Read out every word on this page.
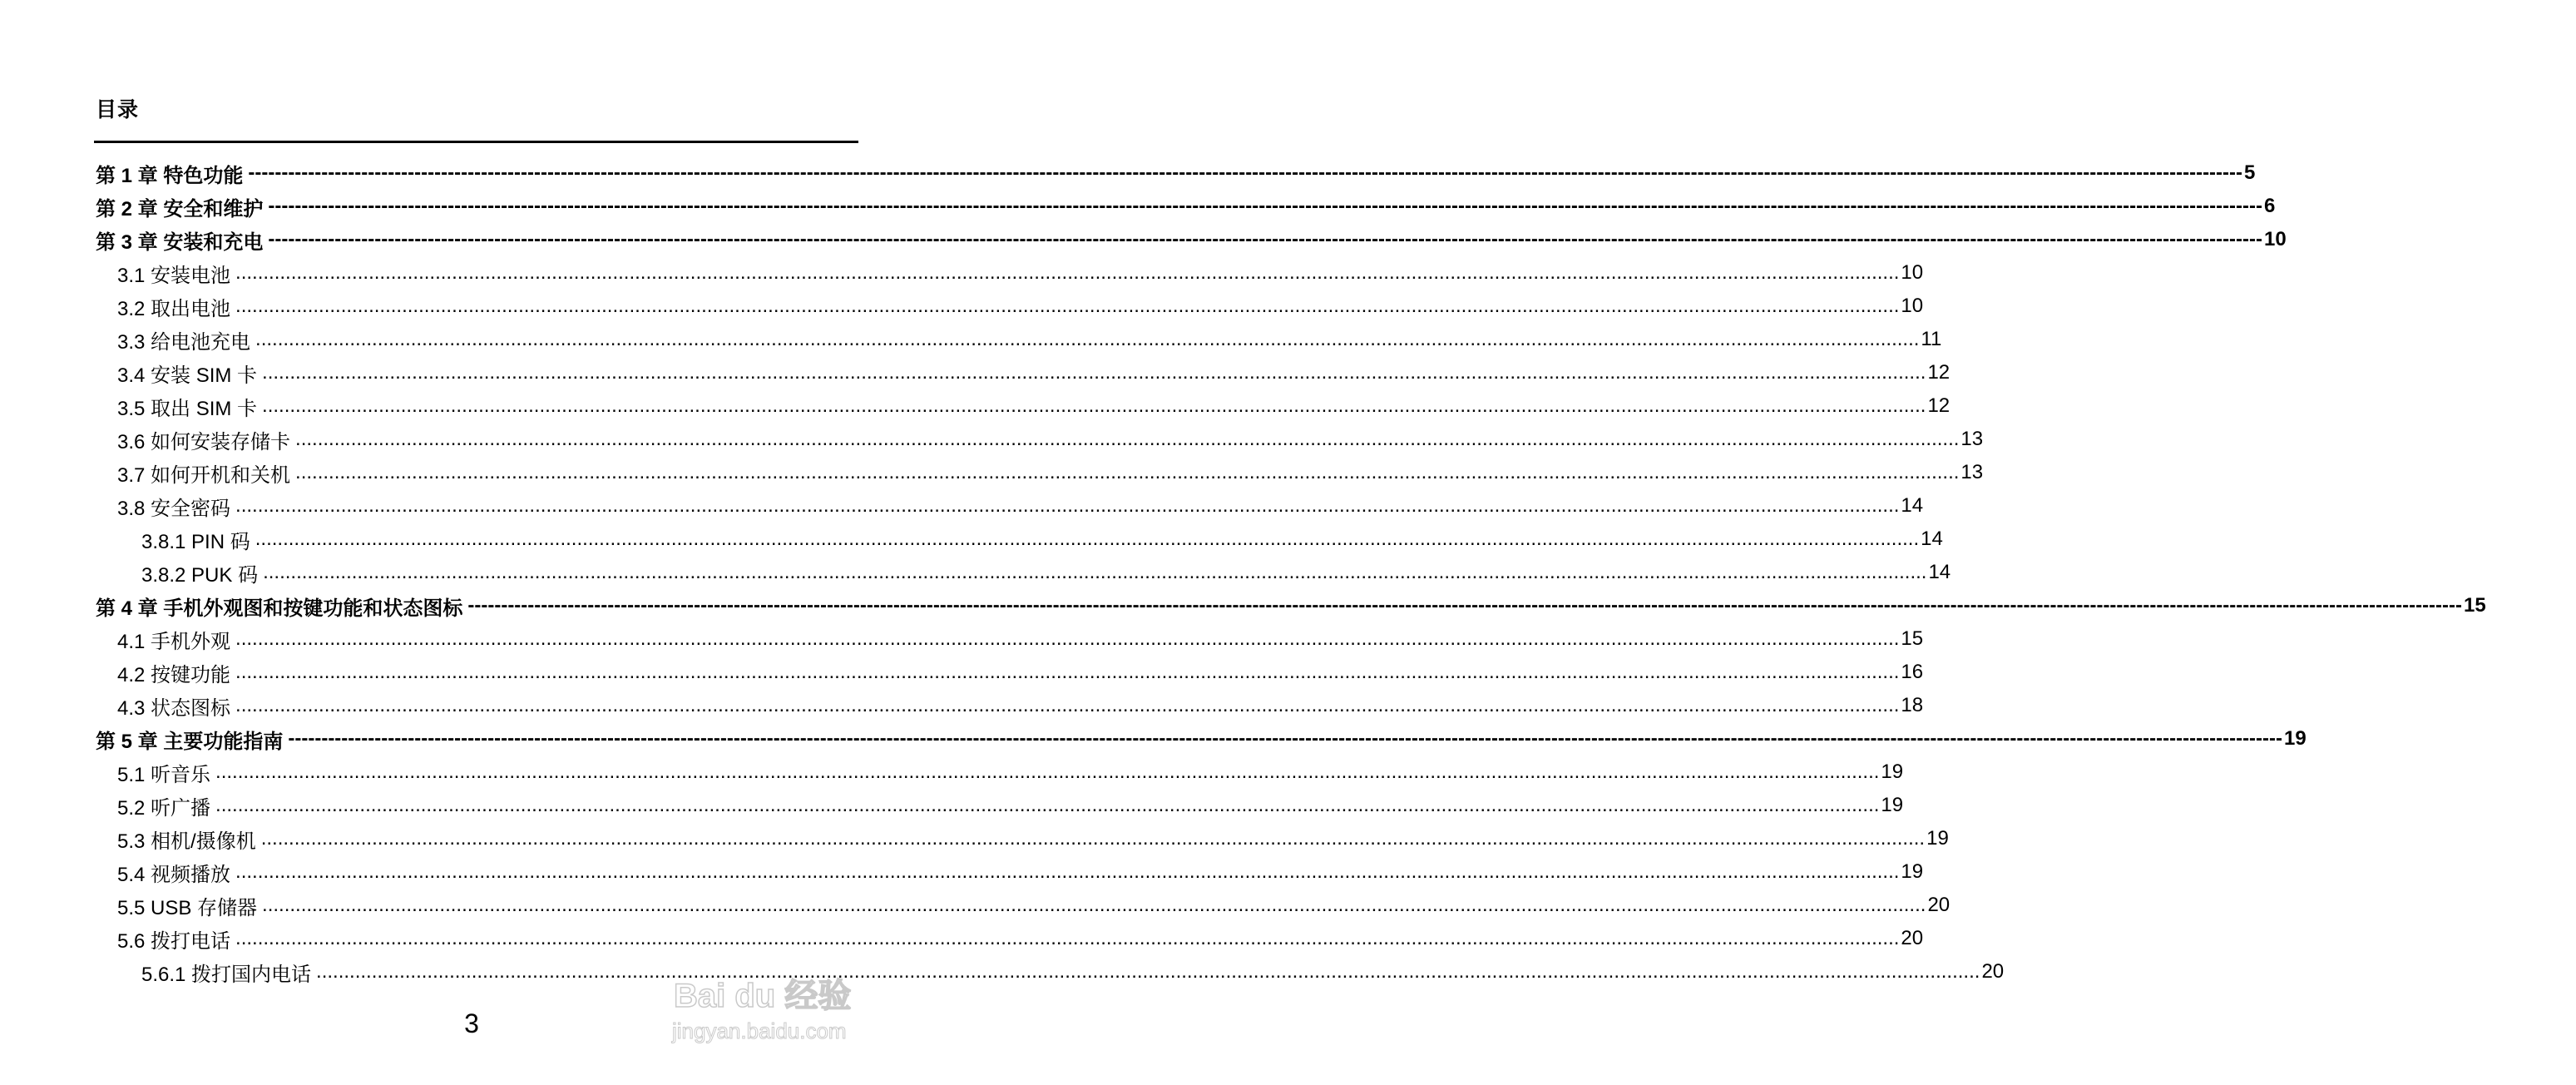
目录
第 1 章 特色功能 ------------------------------------------------------------------------------------------------------------------------------------------------------------------------------------------------------------------------------------------------------------------------------------------------------------ 5
第 2 章 安全和维护 ------------------------------------------------------------------------------------------------------------------------------------------------------------------------------------------------------------------------------------------------------------------------------------------------------------ 6
第 3 章 安装和充电 ------------------------------------------------------------------------------------------------------------------------------------------------------------------------------------------------------------------------------------------------------------------------------------------------------------ 10
3.1 安装电池 ............................................................................................................................................................................................................................................................................................................ 10
3.2 取出电池 ............................................................................................................................................................................................................................................................................................................ 10
3.3 给电池充电 ............................................................................................................................................................................................................................................................................................................ 11
3.4 安装 SIM 卡 ............................................................................................................................................................................................................................................................................................................ 12
3.5 取出 SIM 卡 ............................................................................................................................................................................................................................................................................................................ 12
3.6 如何安装存储卡 ............................................................................................................................................................................................................................................................................................................ 13
3.7 如何开机和关机 ............................................................................................................................................................................................................................................................................................................ 13
3.8 安全密码 ............................................................................................................................................................................................................................................................................................................ 14
3.8.1 PIN 码 ............................................................................................................................................................................................................................................................................................................ 14
3.8.2 PUK 码 ............................................................................................................................................................................................................................................................................................................ 14
第 4 章 手机外观图和按键功能和状态图标 ------------------------------------------------------------------------------------------------------------------------------------------------------------------------------------------------------------------------------------------------------------------------------------------------------------ 15
4.1 手机外观 ............................................................................................................................................................................................................................................................................................................ 15
4.2 按键功能 ............................................................................................................................................................................................................................................................................................................ 16
4.3 状态图标 ............................................................................................................................................................................................................................................................................................................ 18
第 5 章 主要功能指南 ------------------------------------------------------------------------------------------------------------------------------------------------------------------------------------------------------------------------------------------------------------------------------------------------------------ 19
5.1 听音乐 ............................................................................................................................................................................................................................................................................................................ 19
5.2 听广播 ............................................................................................................................................................................................................................................................................................................ 19
5.3 相机/摄像机 ............................................................................................................................................................................................................................................................................................................ 19
5.4 视频播放 ............................................................................................................................................................................................................................................................................................................ 19
5.5 USB 存储器 ............................................................................................................................................................................................................................................................................................................ 20
5.6 拨打电话 ............................................................................................................................................................................................................................................................................................................ 20
5.6.1 拨打国内电话 ............................................................................................................................................................................................................................................................................................................ 20
3
Bai du 经验
jingyan.baidu.com
